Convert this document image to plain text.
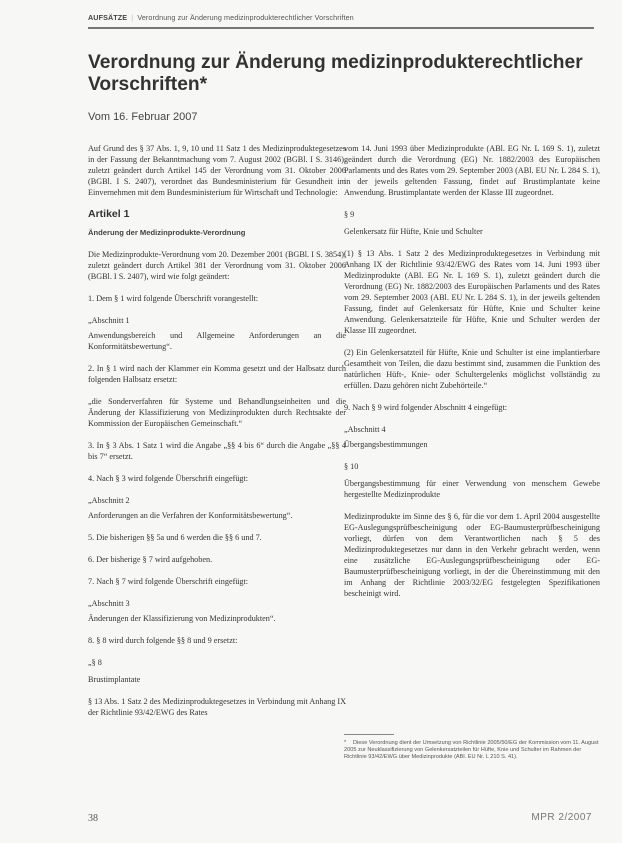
AUFSÄTZE | Verordnung zur Änderung medizinprodukterechtlicher Vorschriften
Verordnung zur Änderung medizinprodukterechtlicher Vorschriften*
Vom 16. Februar 2007

Auf Grund des § 37 Abs. 1, 9, 10 und 11 Satz 1 des Medizinproduktegesetzes in der Fassung der Bekanntmachung vom 7. August 2002 (BGBl. I S. 3146), zuletzt geändert durch Artikel 145 der Verordnung vom 31. Oktober 2006 (BGBl. I S. 2407), verordnet das Bundesministerium für Gesundheit im Einvernehmen mit dem Bundesministerium für Wirtschaft und Technologie:

Artikel 1
Änderung der Medizinprodukte-Verordnung

Die Medizinprodukte-Verordnung vom 20. Dezember 2001 (BGBl. I S. 3854), zuletzt geändert durch Artikel 381 der Verordnung vom 31. Oktober 2006 (BGBl. I S. 2407), wird wie folgt geändert:

1. Dem § 1 wird folgende Überschrift vorangestellt:

„Abschnitt 1

Anwendungsbereich und Allgemeine Anforderungen an die Konformitätsbewertung“.

2. In § 1 wird nach der Klammer ein Komma gesetzt und der Halbsatz durch folgenden Halbsatz ersetzt:

„die Sonderverfahren für Systeme und Behandlungseinheiten und die Änderung der Klassifizierung von Medizinprodukten durch Rechtsakte der Kommission der Europäischen Gemeinschaft.“

3. In § 3 Abs. 1 Satz 1 wird die Angabe „§§ 4 bis 6“ durch die Angabe „§§ 4 bis 7“ ersetzt.

4. Nach § 3 wird folgende Überschrift eingefügt:

„Abschnitt 2

Anforderungen an die Verfahren der Konformitätsbewertung“.

5. Die bisherigen §§ 5a und 6 werden die §§ 6 und 7.

6. Der bisherige § 7 wird aufgehoben.

7. Nach § 7 wird folgende Überschrift eingefügt:

„Abschnitt 3

Änderungen der Klassifizierung von Medizinprodukten“.

8. § 8 wird durch folgende §§ 8 und 9 ersetzt:

„§ 8

Brustimplantate

§ 13 Abs. 1 Satz 2 des Medizinproduktegesetzes in Verbindung mit Anhang IX der Richtlinie 93/42/EWG des Rates

vom 14. Juni 1993 über Medizinprodukte (ABl. EG Nr. L 169 S. 1), zuletzt geändert durch die Verordnung (EG) Nr. 1882/2003 des Europäischen Parlaments und des Rates vom 29. September 2003 (ABl. EU Nr. L 284 S. 1), in der jeweils geltenden Fassung, findet auf Brustimplantate keine Anwendung. Brustimplantate werden der Klasse III zugeordnet.

§ 9

Gelenkersatz für Hüfte, Knie und Schulter

(1) § 13 Abs. 1 Satz 2 des Medizinproduktegesetzes in Verbindung mit Anhang IX der Richtlinie 93/42/EWG des Rates vom 14. Juni 1993 über Medizinprodukte (ABl. EG Nr. L 169 S. 1), zuletzt geändert durch die Verordnung (EG) Nr. 1882/2003 des Europäischen Parlaments und des Rates vom 29. September 2003 (ABl. EU Nr. L 284 S. 1), in der jeweils geltenden Fassung, findet auf Gelenkersatz für Hüfte, Knie und Schulter keine Anwendung. Gelenkersatzteile für Hüfte, Knie und Schulter werden der Klasse III zugeordnet.

(2) Ein Gelenkersatzteil für Hüfte, Knie und Schulter ist eine implantierbare Gesamtheit von Teilen, die dazu bestimmt sind, zusammen die Funktion des natürlichen Hüft-, Knie- oder Schultergelenks möglichst vollständig zu erfüllen. Dazu gehören nicht Zubehörteile.“

9. Nach § 9 wird folgender Abschnitt 4 eingefügt:

„Abschnitt 4

Übergangsbestimmungen

§ 10

Übergangsbestimmung für einer Verwendung von menschem Gewebe hergestellte Medizinprodukte

Medizinprodukte im Sinne des § 6, für die vor dem 1. April 2004 ausgestellte EG-Auslegungsprüfbescheinigung oder EG-Baumusterprüfbescheinigung vorliegt, dürfen von dem Verantwortlichen nach § 5 des Medizinproduktegesetzes nur dann in den Verkehr gebracht werden, wenn eine zusätzliche EG-Auslegungsprüfbescheinigung oder EG-Baumusterprüfbescheinigung vorliegt, in der die Übereinstimmung mit den im Anhang der Richtlinie 2003/32/EG festgelegten Spezifikationen bescheinigt wird.

* Diese Verordnung dient der Umsetzung von Richtlinie 2005/50/EG der Kommission vom 11. August 2005 zur Neuklassifizierung von Gelenkersatzteilen für Hüfte, Knie und Schulter im Rahmen der Richtlinie 93/42/EWG über Medizinprodukte (ABl. EU Nr. L 210 S. 41).
38	MPR 2/2007
